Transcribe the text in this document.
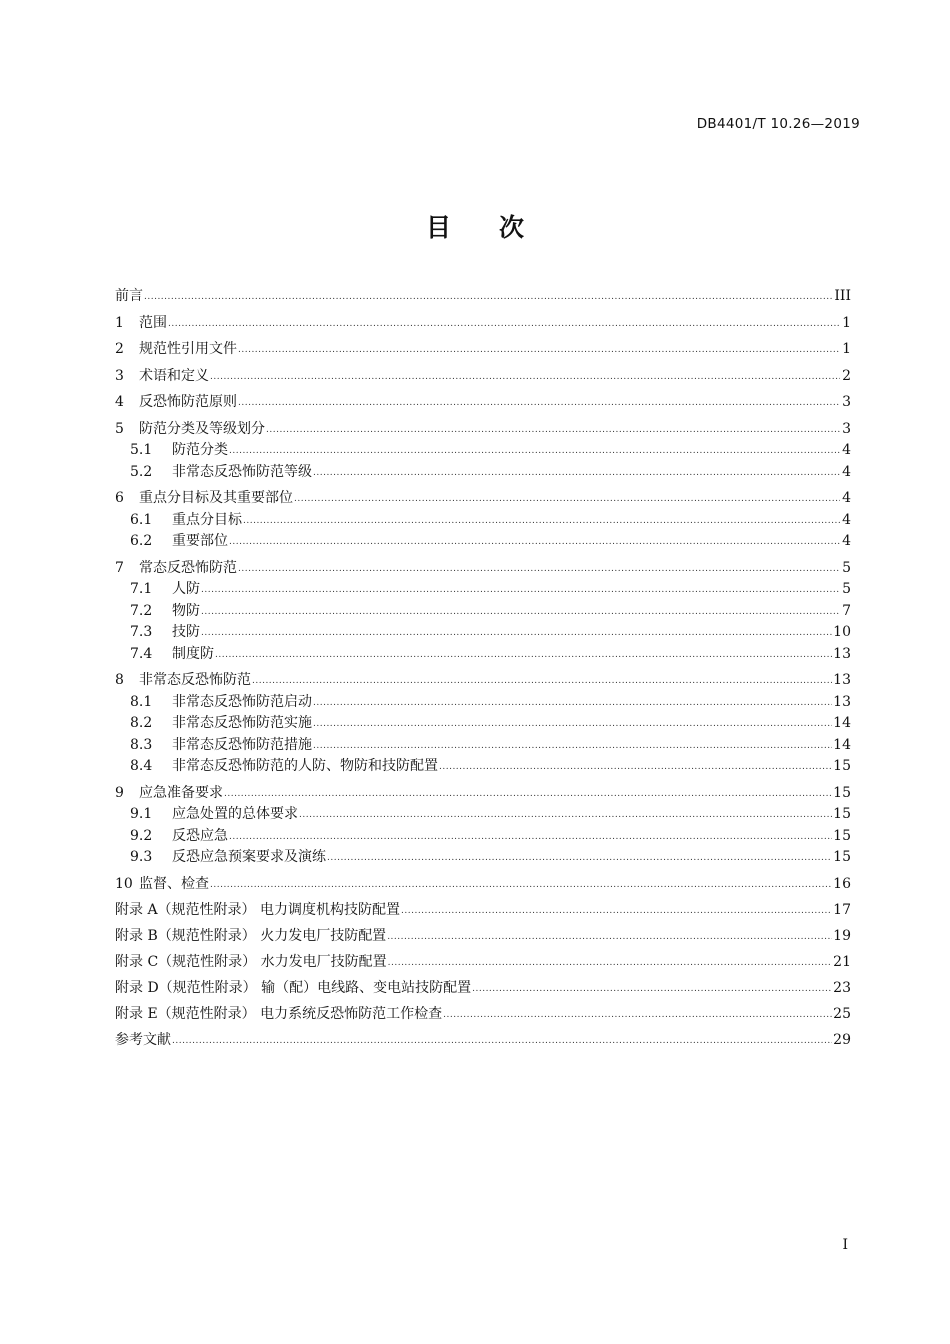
DB4401/T 10.26—2019
目 次
前言 .....	III
1	范围 .....	1
2	规范性引用文件 .....	1
3	术语和定义 .....	2
4	反恐怖防范原则 .....	3
5	防范分类及等级划分 .....	3
5.1	防范分类 .....	4
5.2	非常态反恐怖防范等级 .....	4
6	重点分目标及其重要部位 .....	4
6.1	重点分目标 .....	4
6.2	重要部位 .....	4
7	常态反恐怖防范 .....	5
7.1	人防 .....	5
7.2	物防 .....	7
7.3	技防 .....	10
7.4	制度防 .....	13
8	非常态反恐怖防范 .....	13
8.1	非常态反恐怖防范启动 .....	13
8.2	非常态反恐怖防范实施 .....	14
8.3	非常态反恐怖防范措施 .....	14
8.4	非常态反恐怖防范的人防、物防和技防配置 .....	15
9	应急准备要求 .....	15
9.1	应急处置的总体要求 .....	15
9.2	反恐应急 .....	15
9.3	反恐应急预案要求及演练 .....	15
10 监督、检查 .....	16
附录 A（规范性附录） 电力调度机构技防配置 .....	17
附录 B（规范性附录） 火力发电厂技防配置 .....	19
附录 C（规范性附录） 水力发电厂技防配置 .....	21
附录 D（规范性附录） 输（配）电线路、变电站技防配置 .....	23
附录 E（规范性附录） 电力系统反恐怖防范工作检查 .....	25
参考文献 .....	29
I
